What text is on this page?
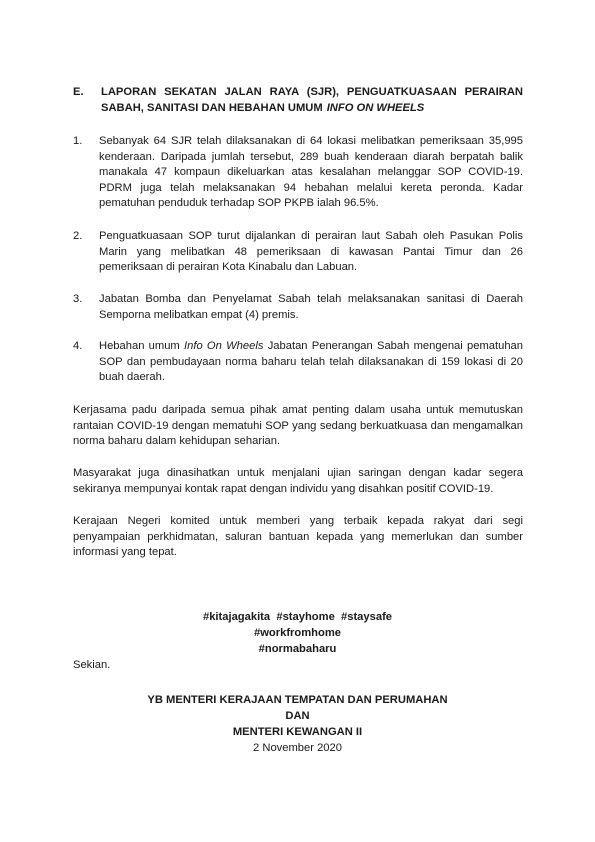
E. LAPORAN SEKATAN JALAN RAYA (SJR), PENGUATKUASAAN PERAIRAN SABAH, SANITASI DAN HEBAHAN UMUM INFO ON WHEELS
1. Sebanyak 64 SJR telah dilaksanakan di 64 lokasi melibatkan pemeriksaan 35,995 kenderaan. Daripada jumlah tersebut, 289 buah kenderaan diarah berpatah balik manakala 47 kompaun dikeluarkan atas kesalahan melanggar SOP COVID-19. PDRM juga telah melaksanakan 94 hebahan melalui kereta peronda. Kadar pematuhan penduduk terhadap SOP PKPB ialah 96.5%.
2. Penguatkuasaan SOP turut dijalankan di perairan laut Sabah oleh Pasukan Polis Marin yang melibatkan 48 pemeriksaan di kawasan Pantai Timur dan 26 pemeriksaan di perairan Kota Kinabalu dan Labuan.
3. Jabatan Bomba dan Penyelamat Sabah telah melaksanakan sanitasi di Daerah Semporna melibatkan empat (4) premis.
4. Hebahan umum Info On Wheels Jabatan Penerangan Sabah mengenai pematuhan SOP dan pembudayaan norma baharu telah telah dilaksanakan di 159 lokasi di 20 buah daerah.
Kerjasama padu daripada semua pihak amat penting dalam usaha untuk memutuskan rantaian COVID-19 dengan mematuhi SOP yang sedang berkuatkuasa dan mengamalkan norma baharu dalam kehidupan seharian.
Masyarakat juga dinasihatkan untuk menjalani ujian saringan dengan kadar segera sekiranya mempunyai kontak rapat dengan individu yang disahkan positif COVID-19.
Kerajaan Negeri komited untuk memberi yang terbaik kepada rakyat dari segi penyampaian perkhidmatan, saluran bantuan kepada yang memerlukan dan sumber informasi yang tepat.
#kitajagakita  #stayhome  #staysafe
#workfromhome
#normabaharu
Sekian.
YB MENTERI KERAJAAN TEMPATAN DAN PERUMAHAN
DAN
MENTERI KEWANGAN II
2 November 2020
